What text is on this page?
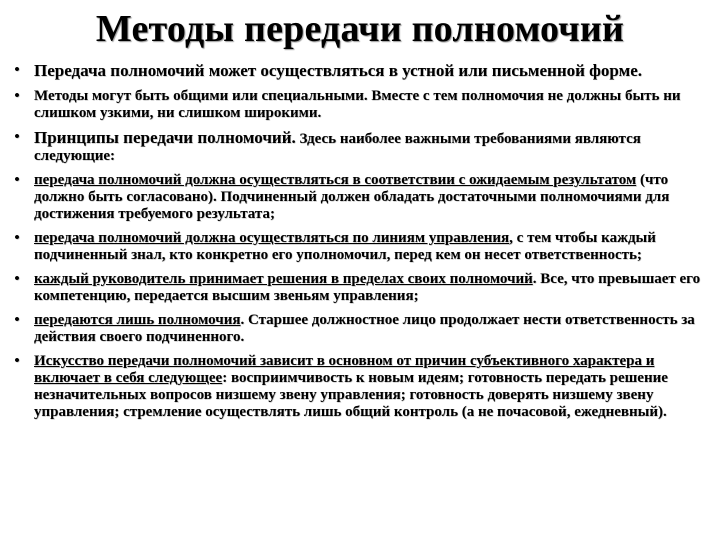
Методы передачи полномочий
• Передача полномочий может осуществляться в устной или письменной форме.
• Методы могут быть общими или специальными. Вместе с тем полномочия не должны быть ни слишком узкими, ни слишком широкими.
• Принципы передачи полномочий. Здесь наиболее важными требованиями являются следующие:
• передача полномочий должна осуществляться в соответствии с ожидаемым результатом (что должно быть согласовано). Подчиненный должен обладать достаточными полномочиями для достижения требуемого результата;
• передача полномочий должна осуществляться по линиям управления, с тем чтобы каждый подчиненный знал, кто конкретно его уполномочил, перед кем он несет ответственность;
• каждый руководитель принимает решения в пределах своих полномочий. Все, что превышает его компетенцию, передается высшим звеньям управления;
• передаются лишь полномочия. Старшее должностное лицо продолжает нести ответственность за действия своего подчиненного.
• Искусство передачи полномочий зависит в основном от причин субъективного характера и включает в себя следующее: восприимчивость к новым идеям; готовность передать решение незначительных вопросов низшему звену управления; готовность доверять низшему звену управления; стремление осуществлять лишь общий контроль (а не почасовой, ежедневный).
